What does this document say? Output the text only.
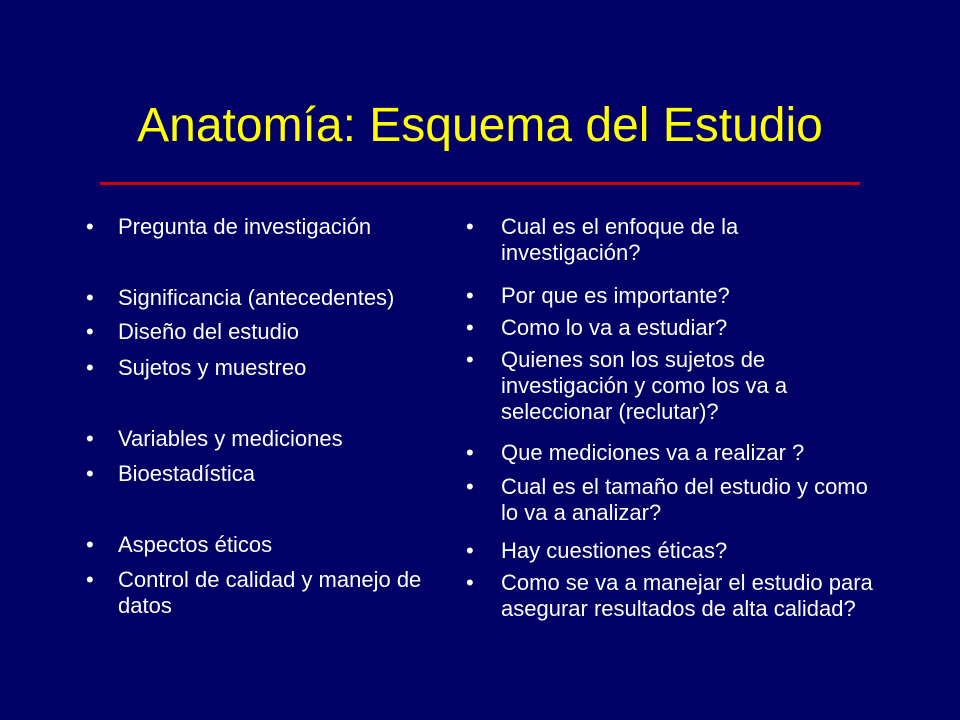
Anatomía: Esquema del Estudio
•	Pregunta de investigación
•	Significancia (antecedentes)
•	Diseño del estudio
•	Sujetos y muestreo
•	Variables y mediciones
•	Bioestadística
•	Aspectos éticos
•	Control de calidad y manejo de datos
•	Cual es el enfoque de la investigación?
•	Por que es importante?
•	Como lo va a estudiar?
•	Quienes son los sujetos de investigación y como los va a seleccionar (reclutar)?
•	Que mediciones va a realizar ?
•	Cual es el tamaño del estudio y como lo va a analizar?
•	Hay cuestiones éticas?
•	Como se va a manejar el estudio para asegurar resultados de alta calidad?
